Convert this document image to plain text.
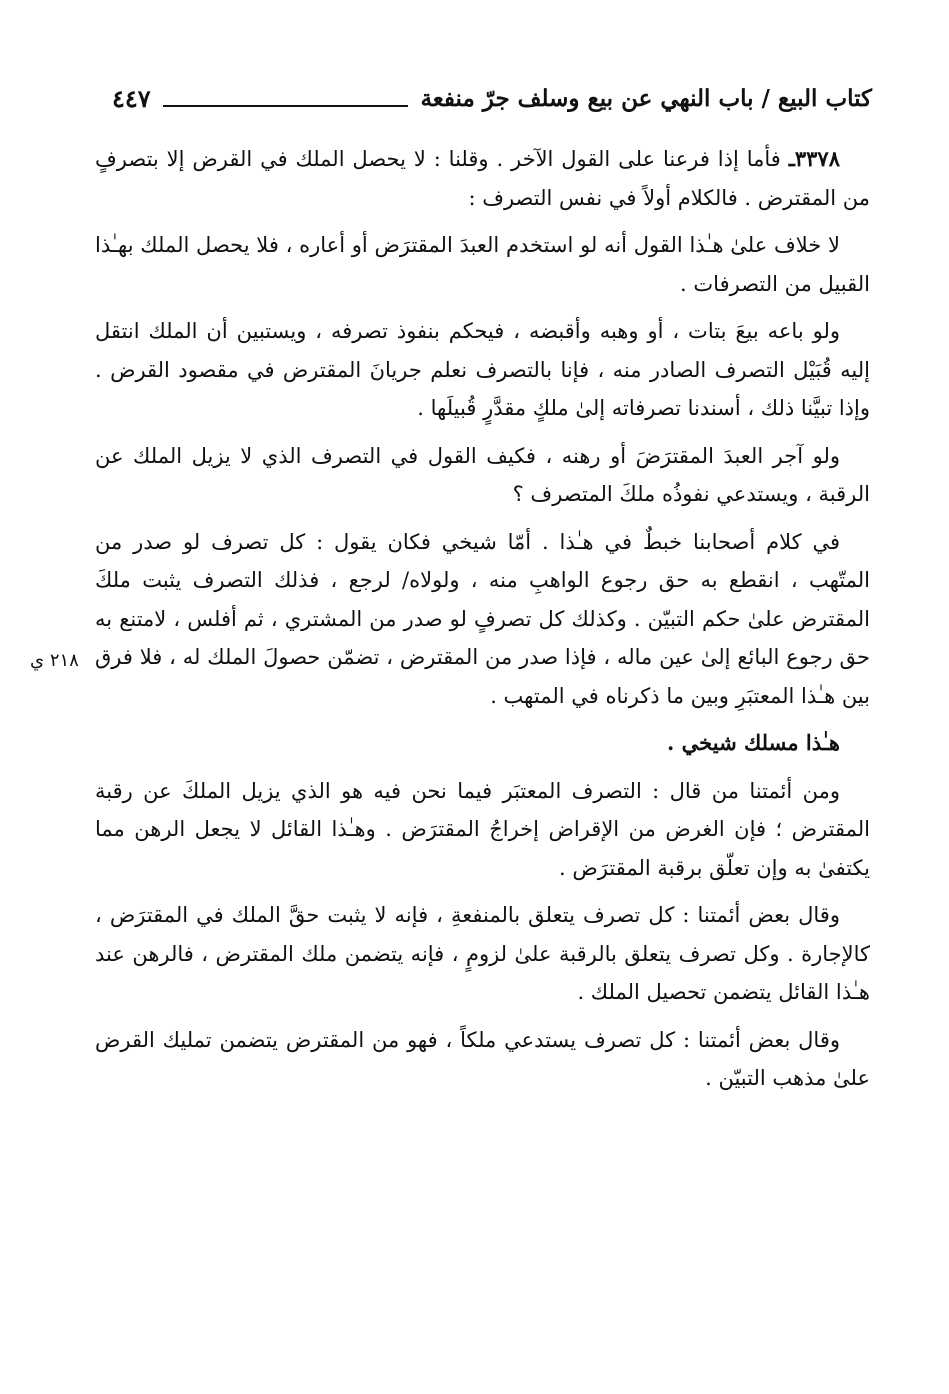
كتاب البيع / باب النهي عن بيع وسلف جرّ منفعة
٤٤٧
٢١٨ ي

٣٣٧٨ـ فأما إذا فرعنا على القول الآخر . وقلنا : لا يحصل الملك في القرض إلا بتصرفٍ من المقترض . فالكلام أولاً في نفس التصرف :

لا خلاف علىٰ هـٰذا القول أنه لو استخدم العبدَ المقترَض أو أعاره ، فلا يحصل الملك بهـٰذا القبيل من التصرفات .

ولو باعه بيعَ بتات ، أو وهبه وأقبضه ، فيحكم بنفوذ تصرفه ، ويستبين أن الملك انتقل إليه قُبَيْل التصرف الصادر منه ، فإنا بالتصرف نعلم جريانَ المقترض في مقصود القرض . وإذا تبيَّنا ذلك ، أسندنا تصرفاته إلىٰ ملكٍ مقدَّرٍ قُبيلَها .

ولو آجر العبدَ المقترَضَ أو رهنه ، فكيف القول في التصرف الذي لا يزيل الملك عن الرقبة ، ويستدعي نفوذُه ملكَ المتصرف ؟

في كلام أصحابنا خبطٌ في هـٰذا . أمّا شيخي فكان يقول : كل تصرف لو صدر من المتّهب ، انقطع به حق رجوع الواهبِ منه ، ولولاه/ لرجع ، فذلك التصرف يثبت ملكَ المقترض علىٰ حكم التبيّن . وكذلك كل تصرفٍ لو صدر من المشتري ، ثم أفلس ، لامتنع به حق رجوع البائع إلىٰ عين ماله ، فإذا صدر من المقترض ، تضمّن حصولَ الملك له ، فلا فرق بين هـٰذا المعتبَرِ وبين ما ذكرناه في المتهب .

هـٰذا مسلك شيخي .

ومن أئمتنا من قال : التصرف المعتبَر فيما نحن فيه هو الذي يزيل الملكَ عن رقبة المقترض ؛ فإن الغرض من الإقراض إخراجُ المقترَض . وهـٰذا القائل لا يجعل الرهن مما يكتفىٰ به وإن تعلّق برقبة المقترَض .

وقال بعض أئمتنا : كل تصرف يتعلق بالمنفعةِ ، فإنه لا يثبت حقَّ الملك في المقترَض ، كالإجارة . وكل تصرف يتعلق بالرقبة علىٰ لزومٍ ، فإنه يتضمن ملك المقترض ، فالرهن عند هـٰذا القائل يتضمن تحصيل الملك .

وقال بعض أئمتنا : كل تصرف يستدعي ملكاً ، فهو من المقترض يتضمن تمليك القرض علىٰ مذهب التبيّن .
